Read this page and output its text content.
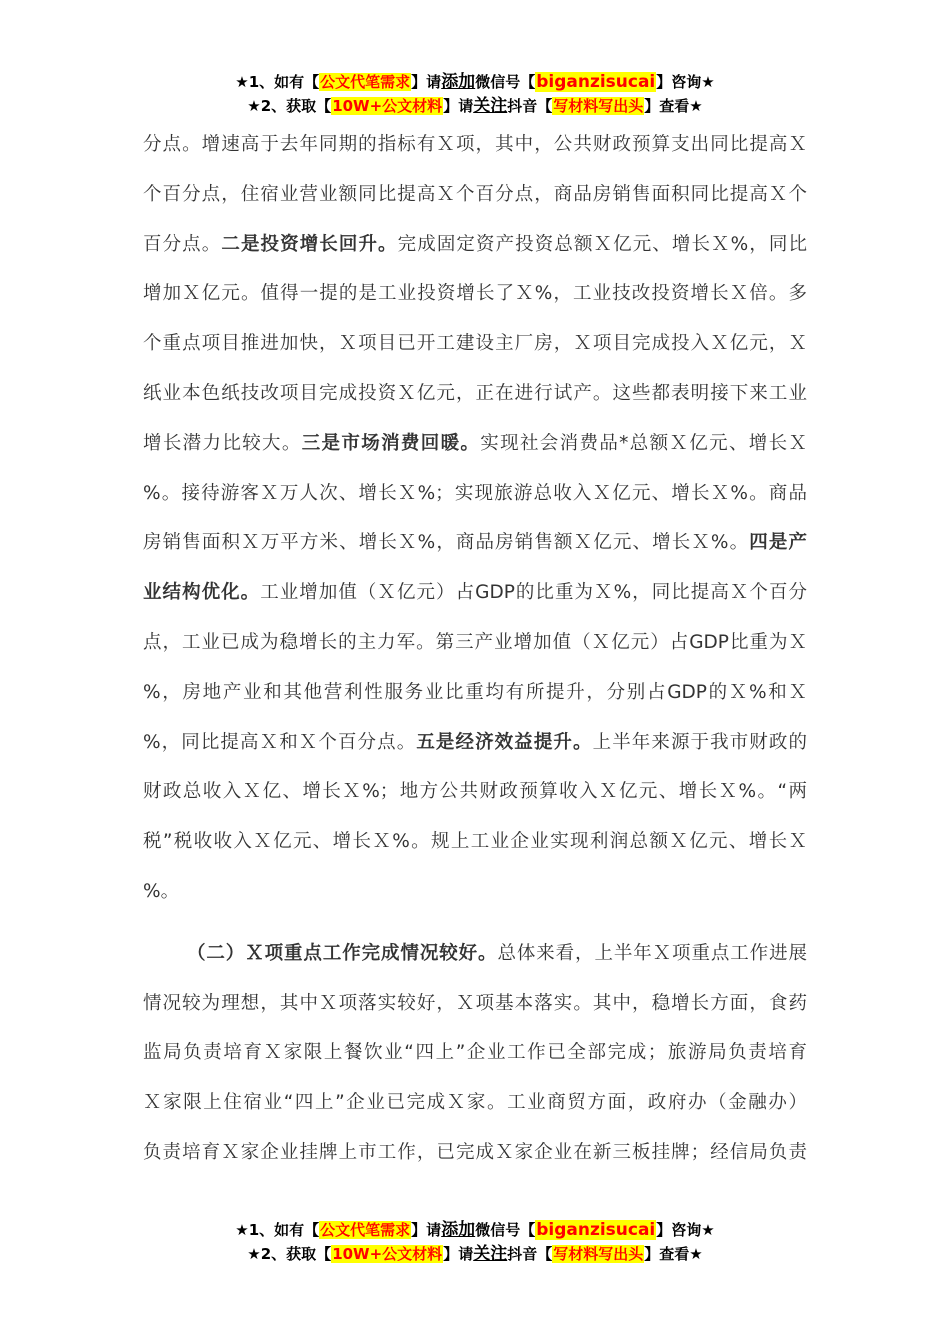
★1、如有【公文代笔需求】请添加微信号【biganzisucai】咨询★
★2、获取【10W+公文材料】请关注抖音【写材料写出头】查看★
分点。增速高于去年同期的指标有Ｘ项，其中，公共财政预算支出同比提高Ｘ
个百分点，住宿业营业额同比提高Ｘ个百分点，商品房销售面积同比提高Ｘ个
百分点。二是投资增长回升。完成固定资产投资总额Ｘ亿元、增长Ｘ%，同比
增加Ｘ亿元。值得一提的是工业投资增长了Ｘ%，工业技改投资增长Ｘ倍。多
个重点项目推进加快，Ｘ项目已开工建设主厂房，Ｘ项目完成投入Ｘ亿元，Ｘ
纸业本色纸技改项目完成投资Ｘ亿元，正在进行试产。这些都表明接下来工业
增长潜力比较大。三是市场消费回暖。实现社会消费品*总额Ｘ亿元、增长Ｘ
%。接待游客Ｘ万人次、增长Ｘ%；实现旅游总收入Ｘ亿元、增长Ｘ%。商品
房销售面积Ｘ万平方米、增长Ｘ%，商品房销售额Ｘ亿元、增长Ｘ%。四是产
业结构优化。工业增加值（Ｘ亿元）占GDP的比重为Ｘ%，同比提高Ｘ个百分
点，工业已成为稳增长的主力军。第三产业增加值（Ｘ亿元）占GDP比重为Ｘ
%，房地产业和其他营利性服务业比重均有所提升，分别占GDP的Ｘ%和Ｘ
%，同比提高Ｘ和Ｘ个百分点。五是经济效益提升。上半年来源于我市财政的
财政总收入Ｘ亿、增长Ｘ%；地方公共财政预算收入Ｘ亿元、增长Ｘ%。“两
税”税收收入Ｘ亿元、增长Ｘ%。规上工业企业实现利润总额Ｘ亿元、增长Ｘ
%。
（二）Ｘ项重点工作完成情况较好。总体来看，上半年Ｘ项重点工作进展
情况较为理想，其中Ｘ项落实较好，Ｘ项基本落实。其中，稳增长方面，食药
监局负责培育Ｘ家限上餐饮业“四上”企业工作已全部完成；旅游局负责培育
Ｘ家限上住宿业“四上”企业已完成Ｘ家。工业商贸方面，政府办（金融办）
负责培育Ｘ家企业挂牌上市工作，已完成Ｘ家企业在新三板挂牌；经信局负责
★1、如有【公文代笔需求】请添加微信号【biganzisucai】咨询★
★2、获取【10W+公文材料】请关注抖音【写材料写出头】查看★
